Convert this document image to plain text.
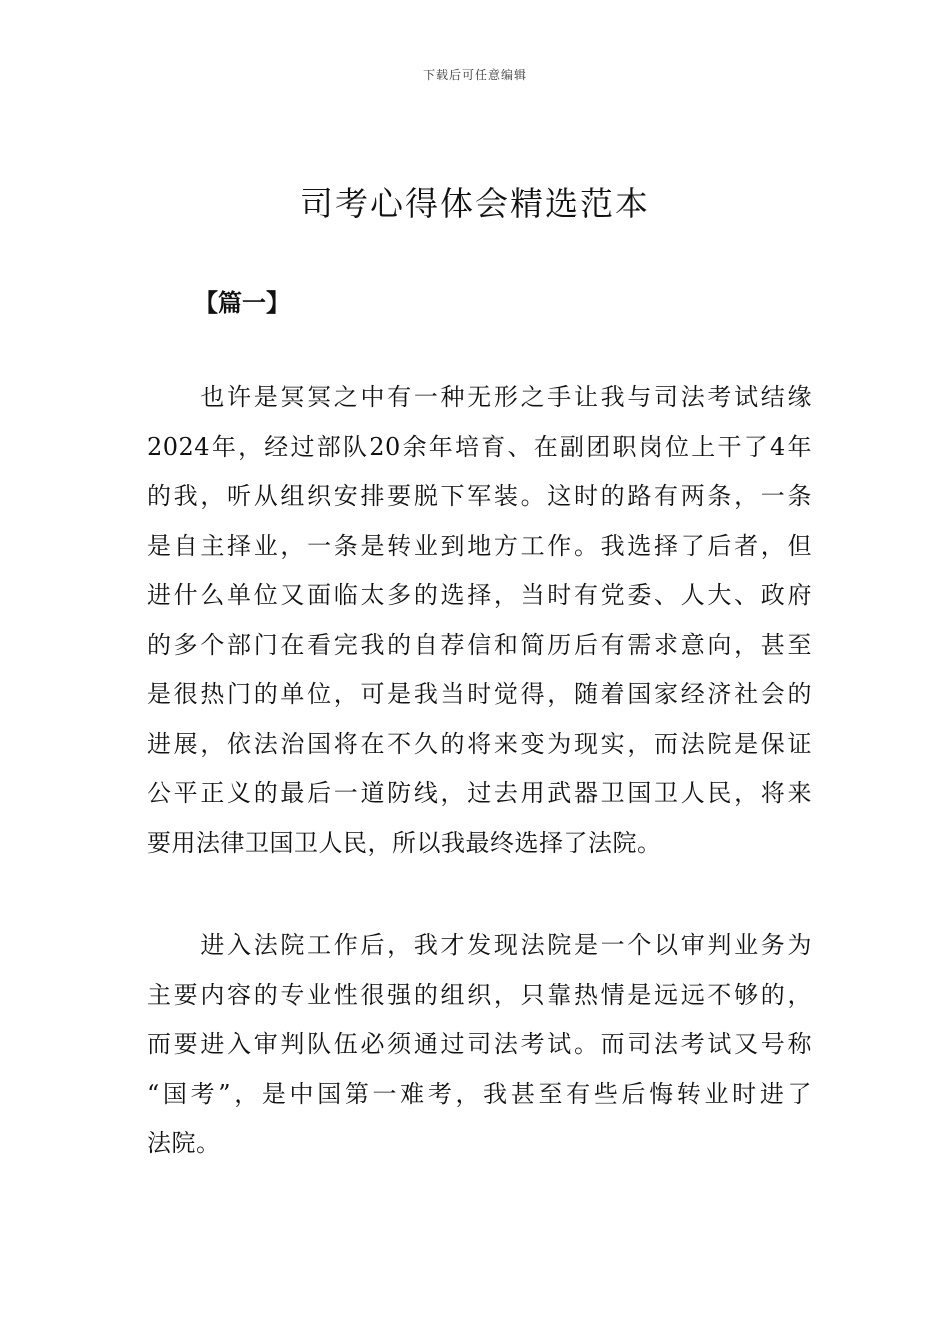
下载后可任意编辑
司考心得体会精选范本
【篇一】
　　也许是冥冥之中有一种无形之手让我与司法考试结缘
2024年，经过部队20余年培育、在副团职岗位上干了4年
的我，听从组织安排要脱下军装。这时的路有两条，一条
是自主择业，一条是转业到地方工作。我选择了后者，但
进什么单位又面临太多的选择，当时有党委、人大、政府
的多个部门在看完我的自荐信和简历后有需求意向，甚至
是很热门的单位，可是我当时觉得，随着国家经济社会的
进展，依法治国将在不久的将来变为现实，而法院是保证
公平正义的最后一道防线，过去用武器卫国卫人民，将来
要用法律卫国卫人民，所以我最终选择了法院。
　　进入法院工作后，我才发现法院是一个以审判业务为
主要内容的专业性很强的组织，只靠热情是远远不够的，
而要进入审判队伍必须通过司法考试。而司法考试又号称
“国考”，是中国第一难考，我甚至有些后悔转业时进了
法院。
